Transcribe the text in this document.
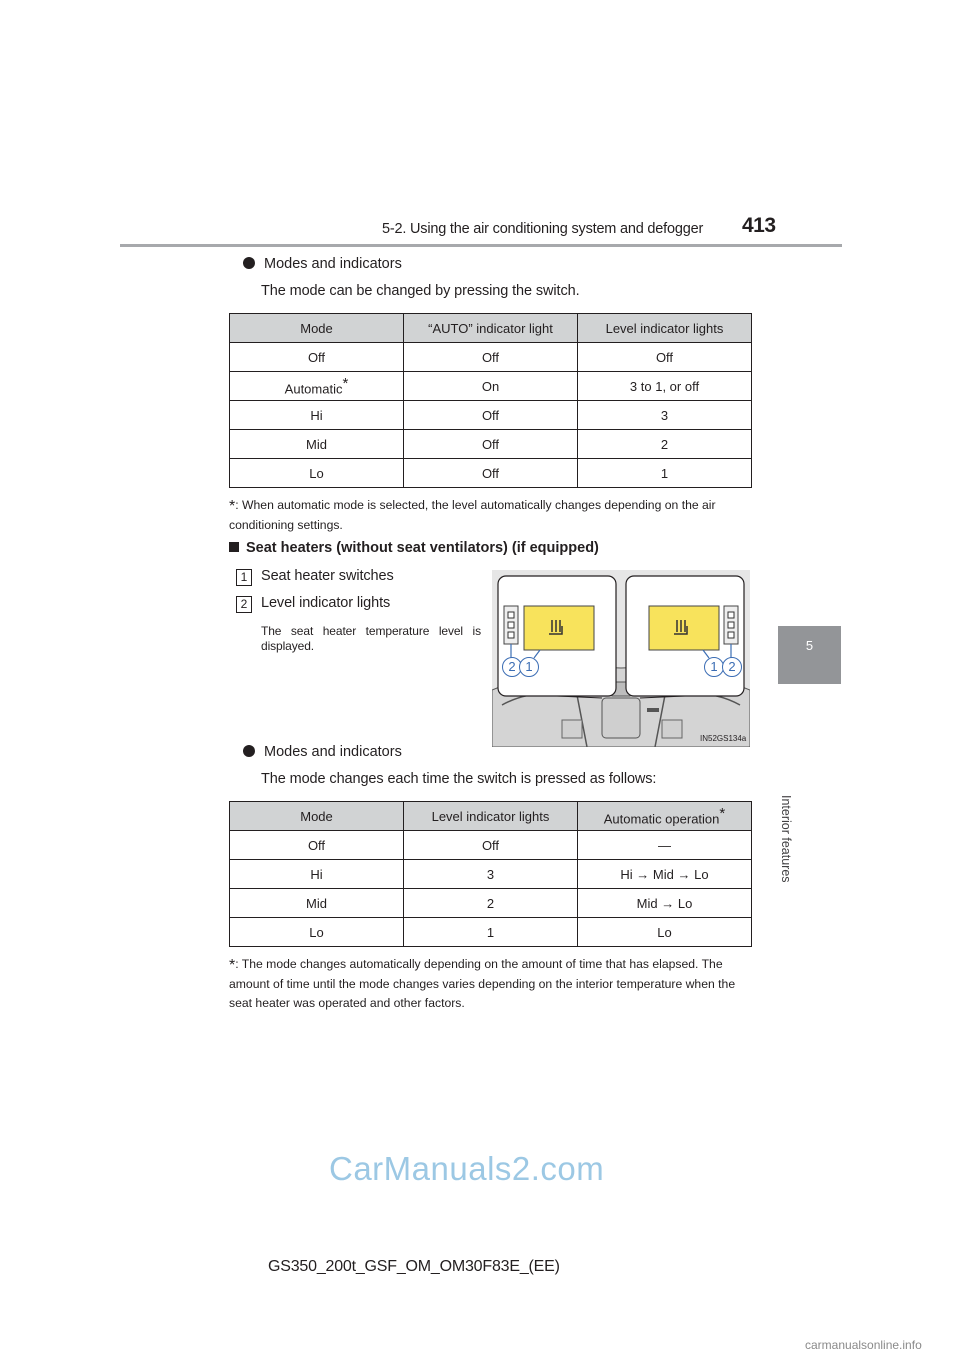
5-2. Using the air conditioning system and defogger 413
5
Interior features
Modes and indicators
The mode can be changed by pressing the switch.
Mode	“AUTO” indicator light	Level indicator lights
Off	Off	Off
Automatic*	On	3 to 1, or off
Hi	Off	3
Mid	Off	2
Lo	Off	1
*: When automatic mode is selected, the level automatically changes depending on the air conditioning settings.
Seat heaters (without seat ventilators) (if equipped)
1 Seat heater switches
2 Level indicator lights
The seat heater temperature level is displayed.
IN52GS134a
2 1	1 2
Modes and indicators
The mode changes each time the switch is pressed as follows:
Mode	Level indicator lights	Automatic operation*
Off	Off	—
Hi	3	Hi → Mid → Lo
Mid	2	Mid → Lo
Lo	1	Lo
*: The mode changes automatically depending on the amount of time that has elapsed. The amount of time until the mode changes varies depending on the interior temperature when the seat heater was operated and other factors.
CarManuals2.com
GS350_200t_GSF_OM_OM30F83E_(EE)
carmanualsonline.info
